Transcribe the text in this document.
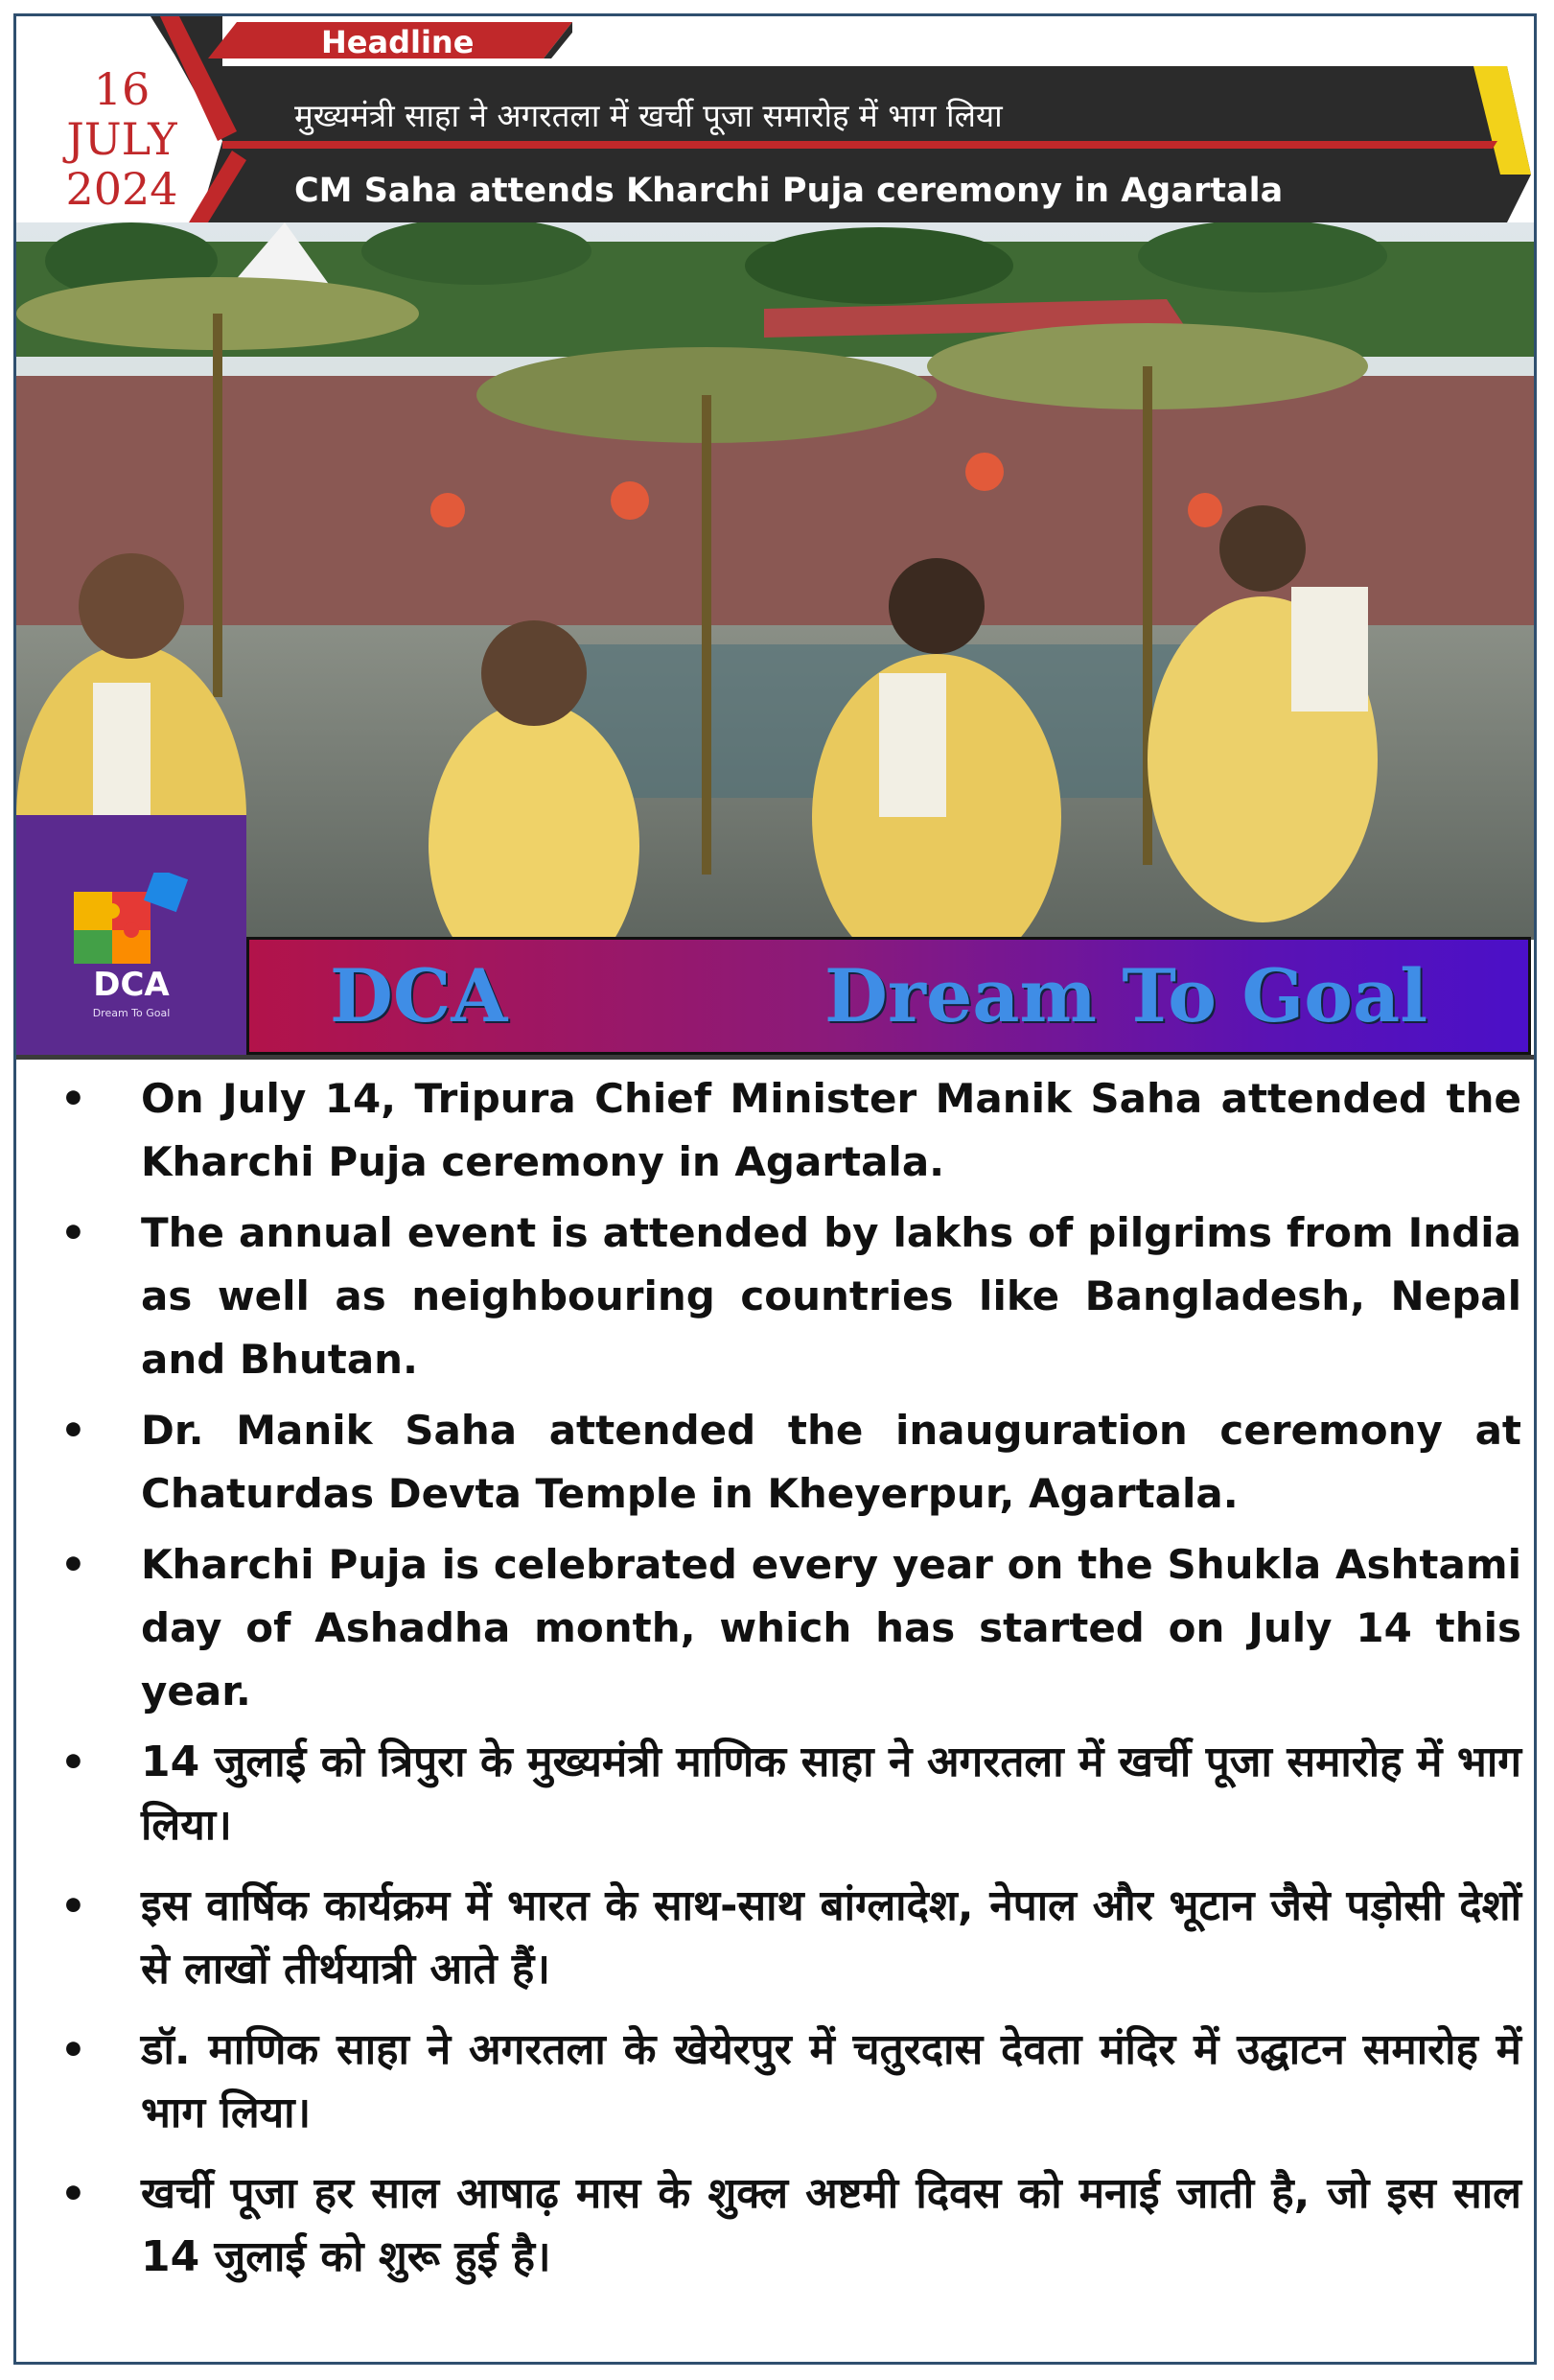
Headline
16
JULY
2024
मुख्यमंत्री साहा ने अगरतला में खर्ची पूजा समारोह में भाग लिया
CM Saha attends Kharchi Puja ceremony in Agartala
DCA
Dream To Goal	DCA	Dream To Goal
• On July 14, Tripura Chief Minister Manik Saha attended the Kharchi Puja ceremony in Agartala.
• The annual event is attended by lakhs of pilgrims from India as well as neighbouring countries like Bangladesh, Nepal and Bhutan.
• Dr. Manik Saha attended the inauguration ceremony at Chaturdas Devta Temple in Kheyerpur, Agartala.
• Kharchi Puja is celebrated every year on the Shukla Ashtami day of Ashadha month, which has started on July 14 this year.
• 14 जुलाई को त्रिपुरा के मुख्यमंत्री माणिक साहा ने अगरतला में खर्ची पूजा समारोह में भाग लिया।
• इस वार्षिक कार्यक्रम में भारत के साथ-साथ बांग्लादेश, नेपाल और भूटान जैसे पड़ोसी देशों से लाखों तीर्थयात्री आते हैं।
• डॉ. माणिक साहा ने अगरतला के खेयेरपुर में चतुरदास देवता मंदिर में उद्घाटन समारोह में भाग लिया।
• खर्ची पूजा हर साल आषाढ़ मास के शुक्ल अष्टमी दिवस को मनाई जाती है, जो इस साल 14 जुलाई को शुरू हुई है।
